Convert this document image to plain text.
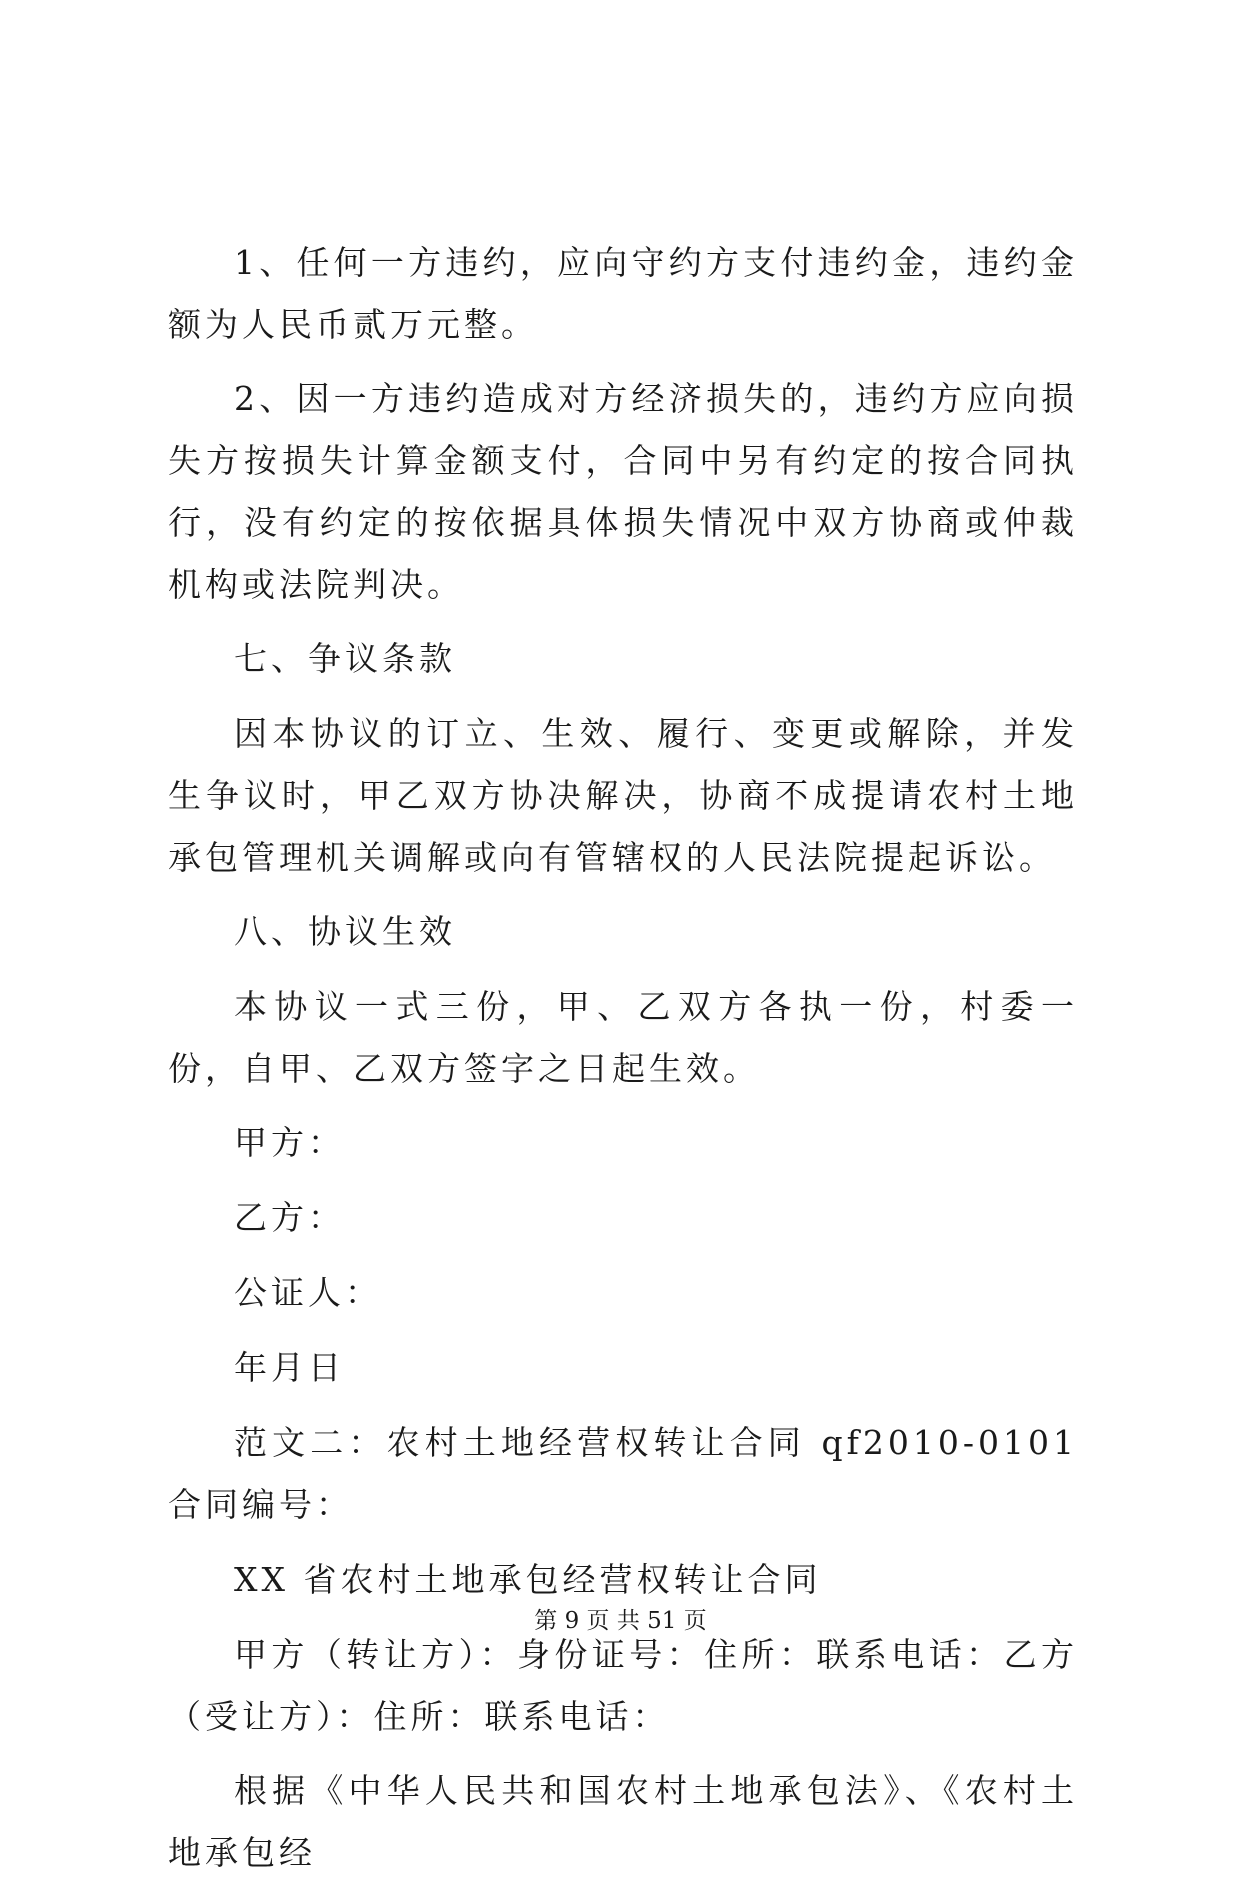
1、任何一方违约，应向守约方支付违约金，违约金额为人民币贰万元整。

2、因一方违约造成对方经济损失的，违约方应向损失方按损失计算金额支付，合同中另有约定的按合同执行，没有约定的按依据具体损失情况中双方协商或仲裁机构或法院判决。

七、争议条款

因本协议的订立、生效、履行、变更或解除，并发生争议时，甲乙双方协决解决，协商不成提请农村土地承包管理机关调解或向有管辖权的人民法院提起诉讼。

八、协议生效

本协议一式三份，甲、乙双方各执一份，村委一份，自甲、乙双方签字之日起生效。

甲方：

乙方：

公证人：

年月日

范文二：农村土地经营权转让合同 qf2010-0101 合同编号：

XX 省农村土地承包经营权转让合同

甲方（转让方）：身份证号：住所：联系电话：乙方（受让方）：住所：联系电话：

根据《中华人民共和国农村土地承包法》、《农村土地承包经

第 9 页 共 51 页
